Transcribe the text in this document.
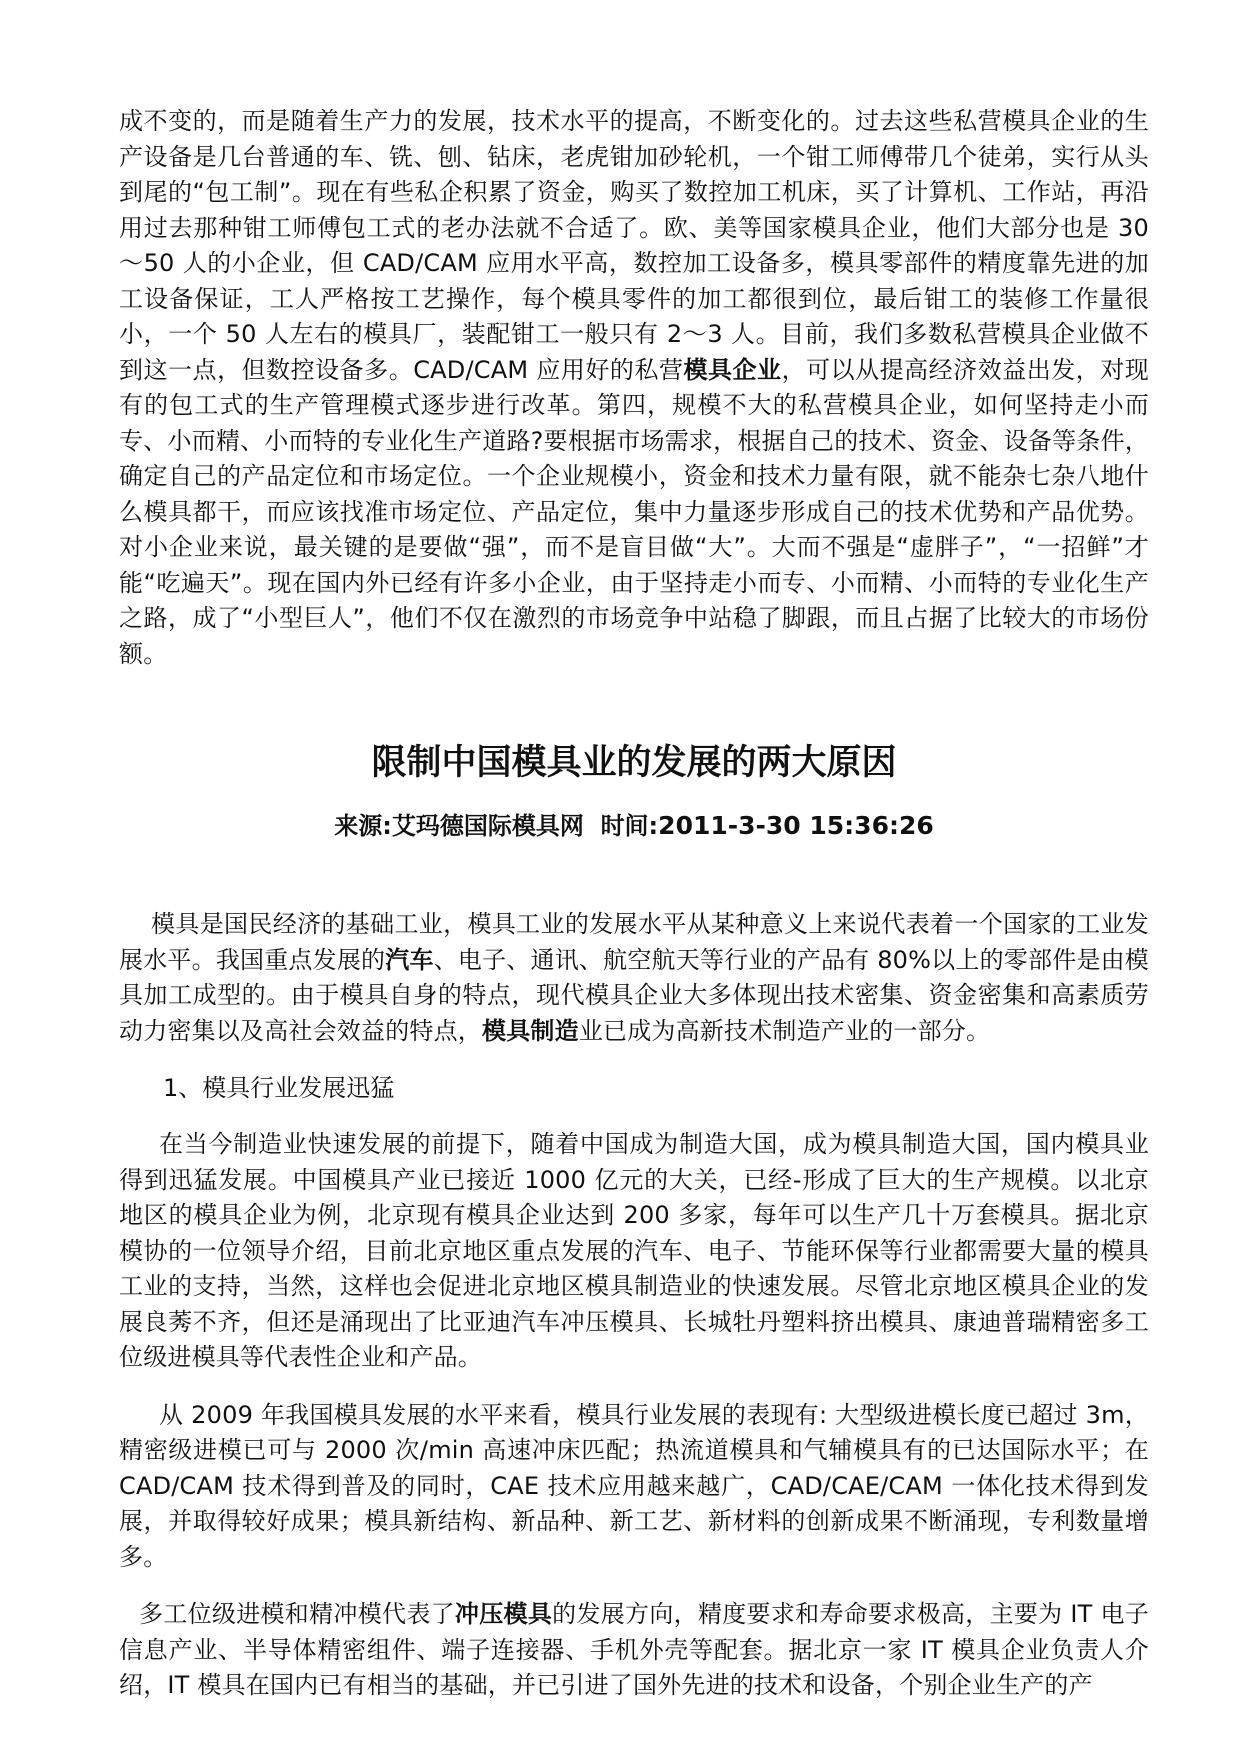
成不变的，而是随着生产力的发展，技术水平的提高，不断变化的。过去这些私营模具企业的生产设备是几台普通的车、铣、刨、钻床，老虎钳加砂轮机，一个钳工师傅带几个徒弟，实行从头到尾的“包工制”。现在有些私企积累了资金，购买了数控加工机床，买了计算机、工作站，再沿用过去那种钳工师傅包工式的老办法就不合适了。欧、美等国家模具企业，他们大部分也是 30～50 人的小企业，但 CAD/CAM 应用水平高，数控加工设备多，模具零部件的精度靠先进的加工设备保证，工人严格按工艺操作，每个模具零件的加工都很到位，最后钳工的装修工作量很小，一个 50 人左右的模具厂，装配钳工一般只有 2～3 人。目前，我们多数私营模具企业做不到这一点，但数控设备多。CAD/CAM 应用好的私营模具企业，可以从提高经济效益出发，对现有的包工式的生产管理模式逐步进行改革。第四，规模不大的私营模具企业，如何坚持走小而专、小而精、小而特的专业化生产道路?要根据市场需求，根据自己的技术、资金、设备等条件，确定自己的产品定位和市场定位。一个企业规模小，资金和技术力量有限，就不能杂七杂八地什么模具都干，而应该找准市场定位、产品定位，集中力量逐步形成自己的技术优势和产品优势。对小企业来说，最关键的是要做“强”，而不是盲目做“大”。大而不强是“虚胖子”，“一招鲜”才能“吃遍天”。现在国内外已经有许多小企业，由于坚持走小而专、小而精、小而特的专业化生产之路，成了“小型巨人”，他们不仅在激烈的市场竞争中站稳了脚跟，而且占据了比较大的市场份额。

限制中国模具业的发展的两大原因

来源:艾玛德国际模具网 时间:2011-3-30 15:36:26

模具是国民经济的基础工业，模具工业的发展水平从某种意义上来说代表着一个国家的工业发展水平。我国重点发展的汽车、电子、通讯、航空航天等行业的产品有 80%以上的零部件是由模具加工成型的。由于模具自身的特点，现代模具企业大多体现出技术密集、资金密集和高素质劳动力密集以及高社会效益的特点，模具制造业已成为高新技术制造产业的一部分。

1、模具行业发展迅猛

在当今制造业快速发展的前提下，随着中国成为制造大国，成为模具制造大国，国内模具业得到迅猛发展。中国模具产业已接近 1000 亿元的大关，已经-形成了巨大的生产规模。以北京地区的模具企业为例，北京现有模具企业达到 200 多家，每年可以生产几十万套模具。据北京模协的一位领导介绍，目前北京地区重点发展的汽车、电子、节能环保等行业都需要大量的模具工业的支持，当然，这样也会促进北京地区模具制造业的快速发展。尽管北京地区模具企业的发展良莠不齐，但还是涌现出了比亚迪汽车冲压模具、长城牡丹塑料挤出模具、康迪普瑞精密多工位级进模具等代表性企业和产品。

从 2009 年我国模具发展的水平来看，模具行业发展的表现有: 大型级进模长度已超过 3m，精密级进模已可与 2000 次/min 高速冲床匹配；热流道模具和气辅模具有的已达国际水平；在 CAD/CAM 技术得到普及的同时，CAE 技术应用越来越广，CAD/CAE/CAM 一体化技术得到发展，并取得较好成果；模具新结构、新品种、新工艺、新材料的创新成果不断涌现，专利数量增多。

多工位级进模和精冲模代表了冲压模具的发展方向，精度要求和寿命要求极高，主要为 IT 电子信息产业、半导体精密组件、端子连接器、手机外壳等配套。据北京一家 IT 模具企业负责人介绍，IT 模具在国内已有相当的基础，并已引进了国外先进的技术和设备，个别企业生产的产
